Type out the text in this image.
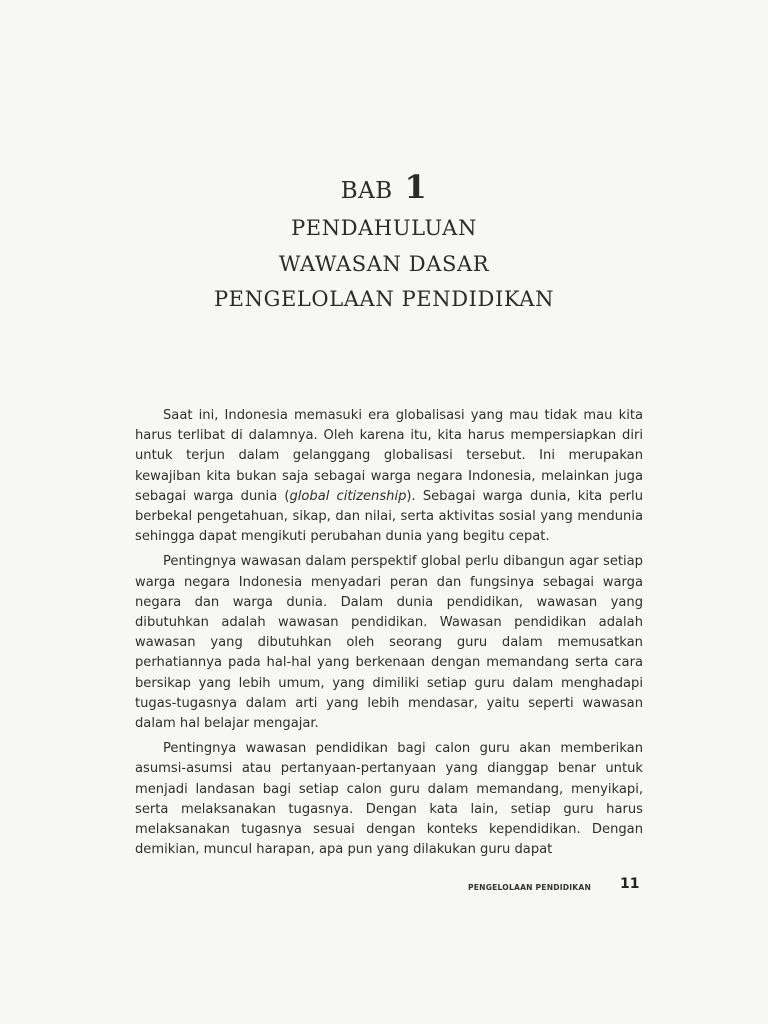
BAB 1
PENDAHULUAN
WAWASAN DASAR
PENGELOLAAN PENDIDIKAN

Saat ini, Indonesia memasuki era globalisasi yang mau tidak mau kita harus terlibat di dalamnya. Oleh karena itu, kita harus mempersiapkan diri untuk terjun dalam gelanggang globalisasi tersebut. Ini merupakan kewajiban kita bukan saja sebagai warga negara Indonesia, melainkan juga sebagai warga dunia (global citizenship). Sebagai warga dunia, kita perlu berbekal pengetahuan, sikap, dan nilai, serta aktivitas sosial yang mendunia sehingga dapat mengikuti perubahan dunia yang begitu cepat.

Pentingnya wawasan dalam perspektif global perlu dibangun agar setiap warga negara Indonesia menyadari peran dan fungsinya sebagai warga negara dan warga dunia. Dalam dunia pendidikan, wawasan yang dibutuhkan adalah wawasan pendidikan. Wawasan pendidikan adalah wawasan yang dibutuhkan oleh seorang guru dalam memusatkan perhatiannya pada hal-hal yang berkenaan dengan memandang serta cara bersikap yang lebih umum, yang dimiliki setiap guru dalam menghadapi tugas-tugasnya dalam arti yang lebih mendasar, yaitu seperti wawasan dalam hal belajar mengajar.

Pentingnya wawasan pendidikan bagi calon guru akan memberikan asumsi-asumsi atau pertanyaan-pertanyaan yang dianggap benar untuk menjadi landasan bagi setiap calon guru dalam memandang, menyikapi, serta melaksanakan tugasnya. Dengan kata lain, setiap guru harus melaksanakan tugasnya sesuai dengan konteks kependidikan. Dengan demikian, muncul harapan, apa pun yang dilakukan guru dapat

PENGELOLAAN PENDIDIKAN 11
